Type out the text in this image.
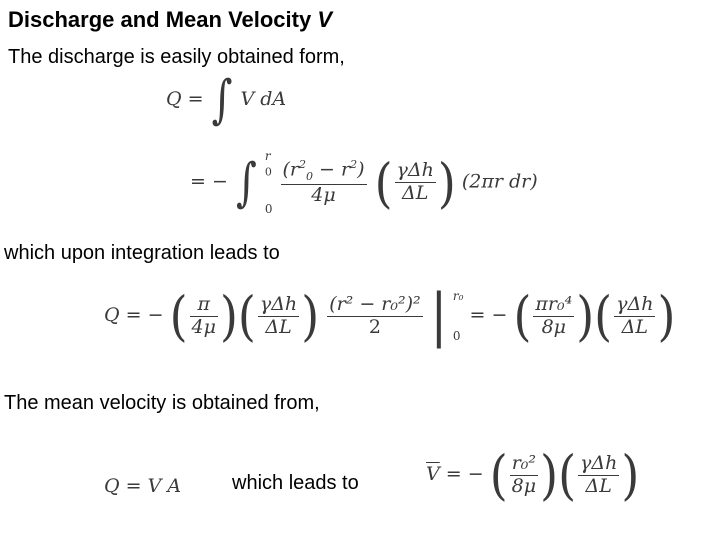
Discharge and Mean Velocity V
The discharge is easily obtained form,
Q = ∫ V dA
= − ∫ r
$_0$
0

$\frac{(r^2_0 - r^2)}{4\mu}$ ( $\frac{\text{γΔh}}{\Delta L}$ ) (2πr dr)
which upon integration leads to
Q = − ( $\frac{\pi}{4\mu}$ )( $\frac{\text{γΔh}}{\Delta L}$ ) $\frac{\text{(r² − r₀²)²}}{2}$ | r₀
0
= − ( $\frac{\text{πr₀⁴}}{8\mu}$ )( $\frac{\text{γΔh}}{\Delta L}$ )
The mean velocity is obtained from,
Q = V A	which leads to	$\overline{V}$ = − ( $\frac{\text{r₀²}}{8\mu}$ )( $\frac{\text{γΔh}}{\Delta L}$ )
